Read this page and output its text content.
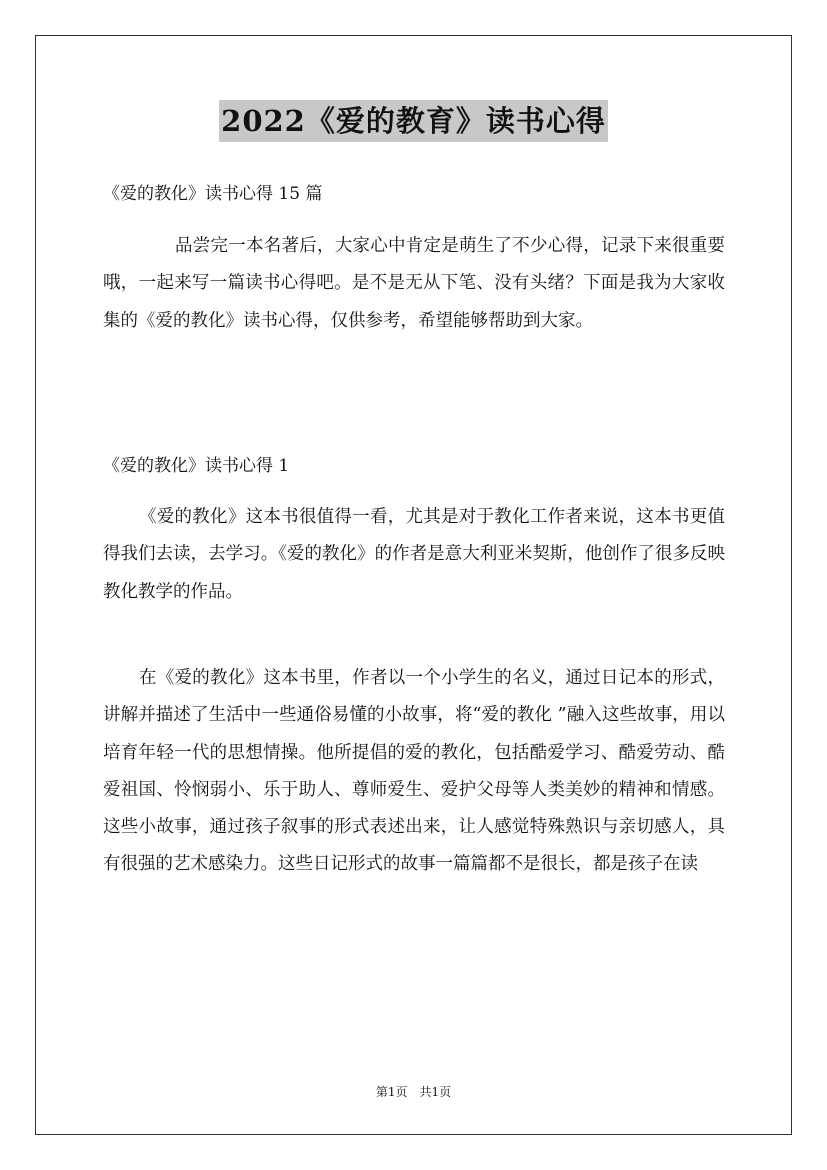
2022《爱的教育》读书心得
《爱的教化》读书心得 15 篇

品尝完一本名著后，大家心中肯定是萌生了不少心得，记录下来很重要哦，一起来写一篇读书心得吧。是不是无从下笔、没有头绪？下面是我为大家收集的《爱的教化》读书心得，仅供参考，希望能够帮助到大家。

《爱的教化》读书心得 1

《爱的教化》这本书很值得一看，尤其是对于教化工作者来说，这本书更值得我们去读，去学习。《爱的教化》的作者是意大利亚米契斯，他创作了很多反映教化教学的作品。

在《爱的教化》这本书里，作者以一个小学生的名义，通过日记本的形式，讲解并描述了生活中一些通俗易懂的小故事，将“爱的教化 ”融入这些故事，用以培育年轻一代的思想情操。他所提倡的爱的教化，包括酷爱学习、酷爱劳动、酷爱祖国、怜悯弱小、乐于助人、尊师爱生、爱护父母等人类美妙的精神和情感。这些小故事，通过孩子叙事的形式表述出来，让人感觉特殊熟识与亲切感人，具有很强的艺术感染力。这些日记形式的故事一篇篇都不是很长，都是孩子在读

第1页　共1页
